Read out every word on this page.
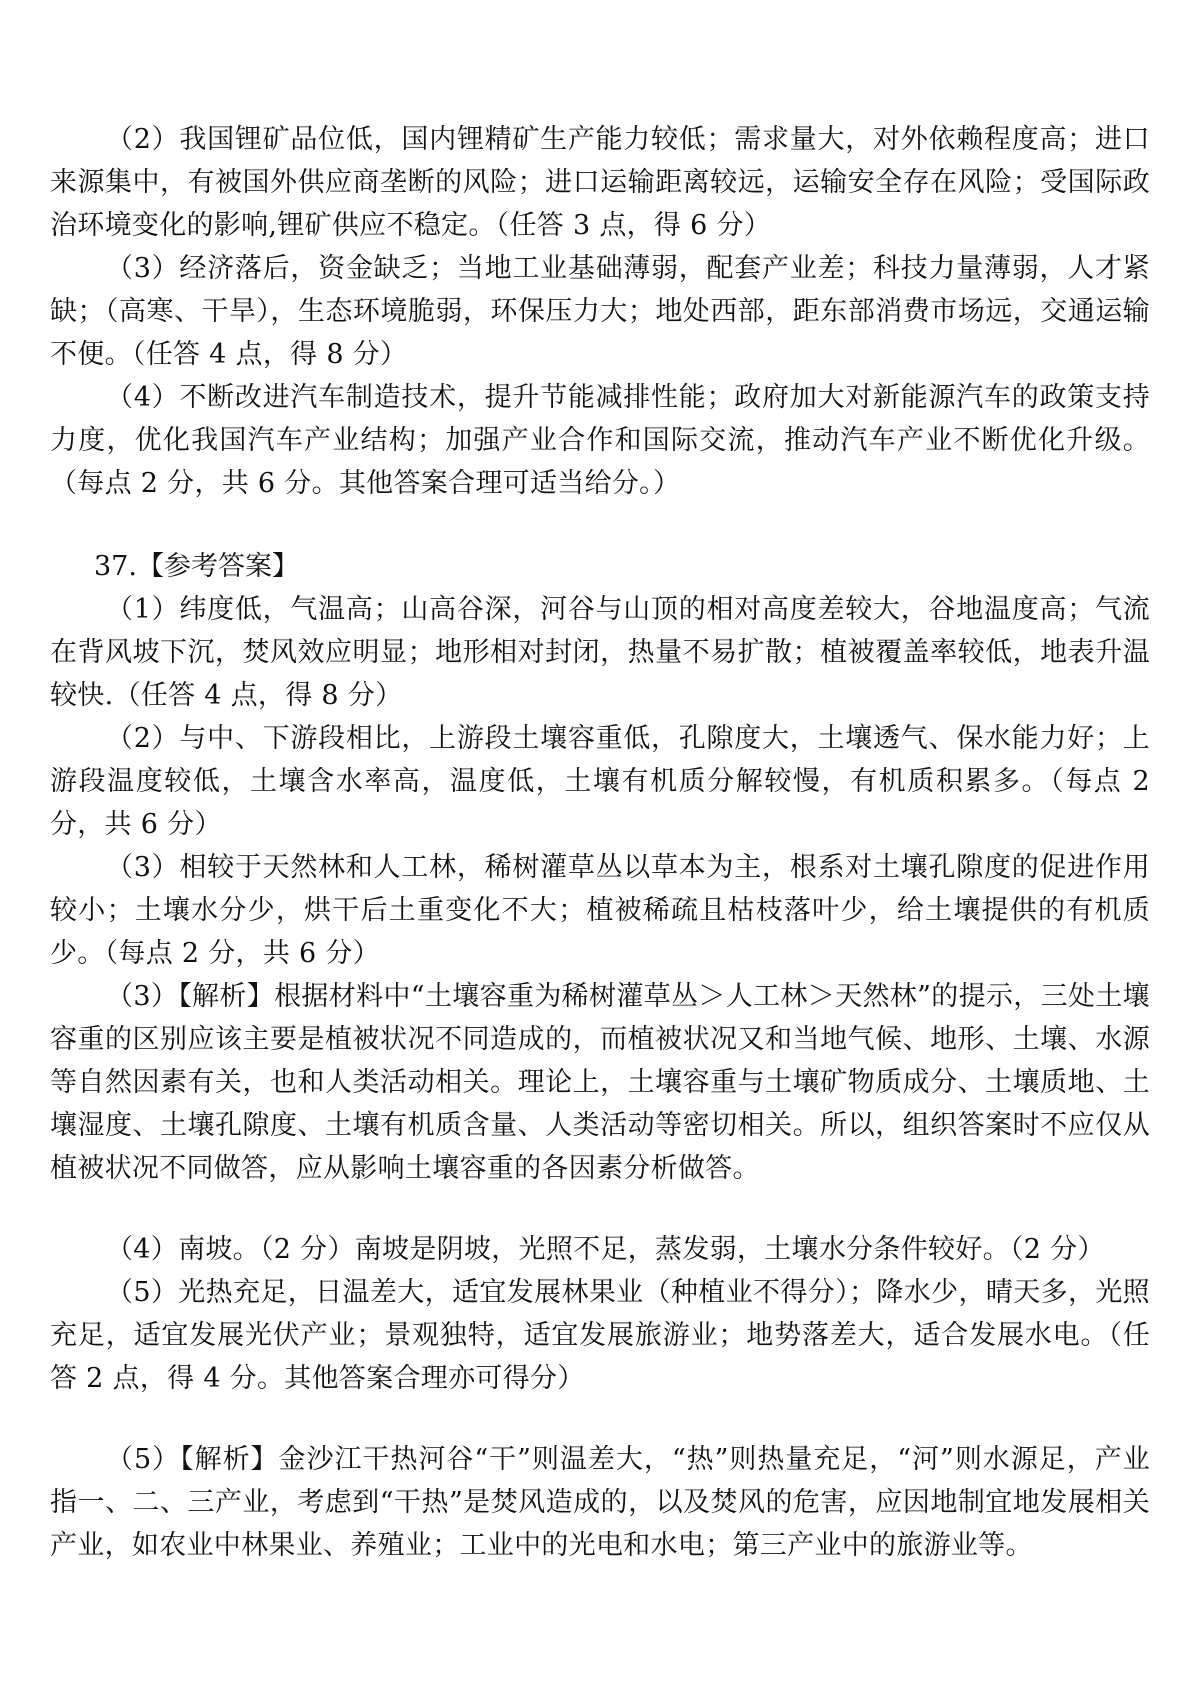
（2）我国锂矿品位低，国内锂精矿生产能力较低；需求量大，对外依赖程度高；进口来源集中，有被国外供应商垄断的风险；进口运输距离较远，运输安全存在风险；受国际政治环境变化的影响,锂矿供应不稳定。（任答 3 点，得 6 分）

（3）经济落后，资金缺乏；当地工业基础薄弱，配套产业差；科技力量薄弱，人才紧缺；（高寒、干旱），生态环境脆弱，环保压力大；地处西部，距东部消费市场远，交通运输不便。（任答 4 点，得 8 分）

（4）不断改进汽车制造技术，提升节能减排性能；政府加大对新能源汽车的政策支持力度，优化我国汽车产业结构；加强产业合作和国际交流，推动汽车产业不断优化升级。（每点 2 分，共 6 分。其他答案合理可适当给分。）

37.【参考答案】

（1）纬度低，气温高；山高谷深，河谷与山顶的相对高度差较大，谷地温度高；气流在背风坡下沉，焚风效应明显；地形相对封闭，热量不易扩散；植被覆盖率较低，地表升温较快.（任答 4 点，得 8 分）

（2）与中、下游段相比，上游段土壤容重低，孔隙度大，土壤透气、保水能力好；上游段温度较低，土壤含水率高，温度低，土壤有机质分解较慢，有机质积累多。（每点 2 分，共 6 分）

（3）相较于天然林和人工林，稀树灌草丛以草本为主，根系对土壤孔隙度的促进作用较小；土壤水分少，烘干后土重变化不大；植被稀疏且枯枝落叶少，给土壤提供的有机质少。（每点 2 分，共 6 分）

（3）【解析】根据材料中“土壤容重为稀树灌草丛＞人工林＞天然林”的提示，三处土壤容重的区别应该主要是植被状况不同造成的，而植被状况又和当地气候、地形、土壤、水源等自然因素有关，也和人类活动相关。理论上，土壤容重与土壤矿物质成分、土壤质地、土壤湿度、土壤孔隙度、土壤有机质含量、人类活动等密切相关。所以，组织答案时不应仅从植被状况不同做答，应从影响土壤容重的各因素分析做答。

（4）南坡。（2 分）南坡是阴坡，光照不足，蒸发弱，土壤水分条件较好。（2 分）

（5）光热充足，日温差大，适宜发展林果业（种植业不得分）；降水少，晴天多，光照充足，适宜发展光伏产业；景观独特，适宜发展旅游业；地势落差大，适合发展水电。（任答 2 点，得 4 分。其他答案合理亦可得分）

（5）【解析】金沙江干热河谷“干”则温差大，“热”则热量充足，“河”则水源足，产业指一、二、三产业，考虑到“干热”是焚风造成的，以及焚风的危害，应因地制宜地发展相关产业，如农业中林果业、养殖业；工业中的光电和水电；第三产业中的旅游业等。
